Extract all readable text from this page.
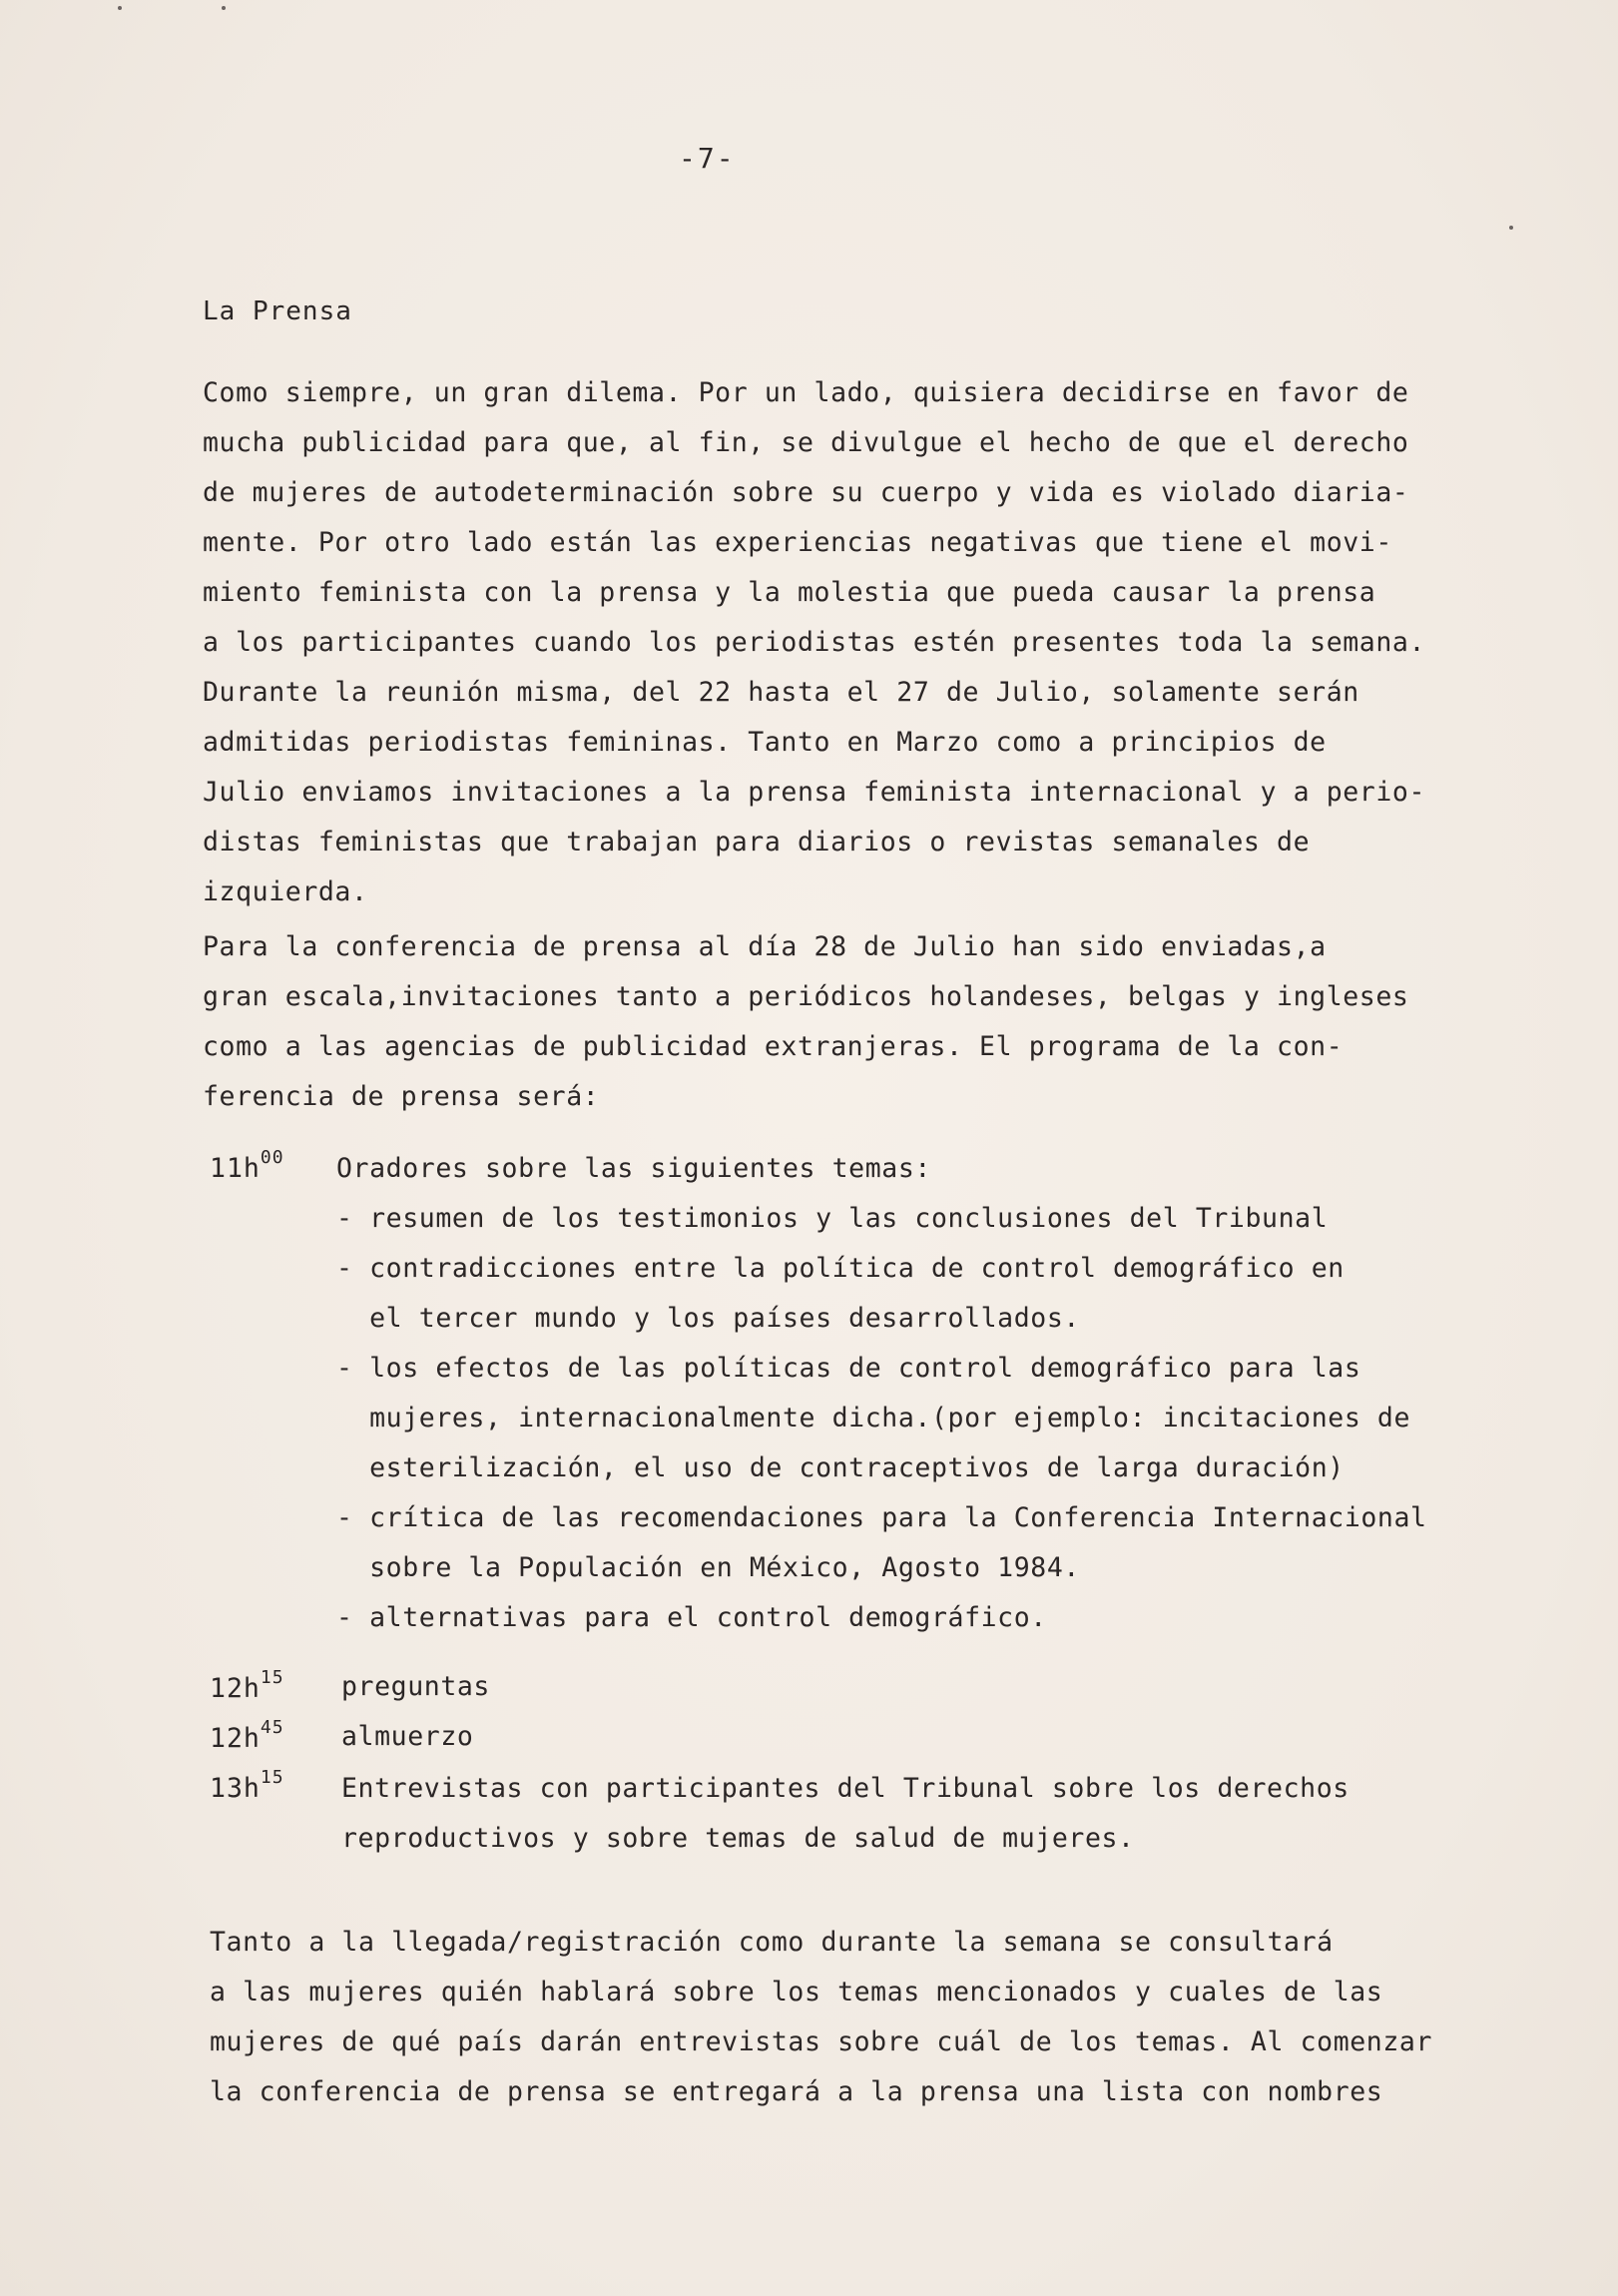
-7-
La Prensa
Como siempre, un gran dilema. Por un lado, quisiera decidirse en favor de
mucha publicidad para que, al fin, se divulgue el hecho de que el derecho
de mujeres de autodeterminación sobre su cuerpo y vida es violado diaria-
mente. Por otro lado están las experiencias negativas que tiene el movi-
miento feminista con la prensa y la molestia que pueda causar la prensa
a los participantes cuando los periodistas estén presentes toda la semana.
Durante la reunión misma, del 22 hasta el 27 de Julio, solamente serán
admitidas periodistas femininas. Tanto en Marzo como a principios de
Julio enviamos invitaciones a la prensa feminista internacional y a perio-
distas feministas que trabajan para diarios o revistas semanales de
izquierda.
Para la conferencia de prensa al día 28 de Julio han sido enviadas,a
gran escala,invitaciones tanto a periódicos holandeses, belgas y ingleses
como a las agencias de publicidad extranjeras. El programa de la con-
ferencia de prensa será:
$11h^{00}$ Oradores sobre las siguientes temas:
- resumen de los testimonios y las conclusiones del Tribunal
- contradicciones entre la política de control demográfico en
el tercer mundo y los países desarrollados.
- los efectos de las políticas de control demográfico para las
mujeres, internacionalmente dicha.(por ejemplo: incitaciones de
esterilización, el uso de contraceptivos de larga duración)
- crítica de las recomendaciones para la Conferencia Internacional
sobre la Populación en México, Agosto 1984.
- alternativas para el control demográfico.
$12h^{15}$ preguntas
$12h^{45}$ almuerzo
$13h^{15}$ Entrevistas con participantes del Tribunal sobre los derechos
reproductivos y sobre temas de salud de mujeres.
Tanto a la llegada/registración como durante la semana se consultará
a las mujeres quién hablará sobre los temas mencionados y cuales de las
mujeres de qué país darán entrevistas sobre cuál de los temas. Al comenzar
la conferencia de prensa se entregará a la prensa una lista con nombres
